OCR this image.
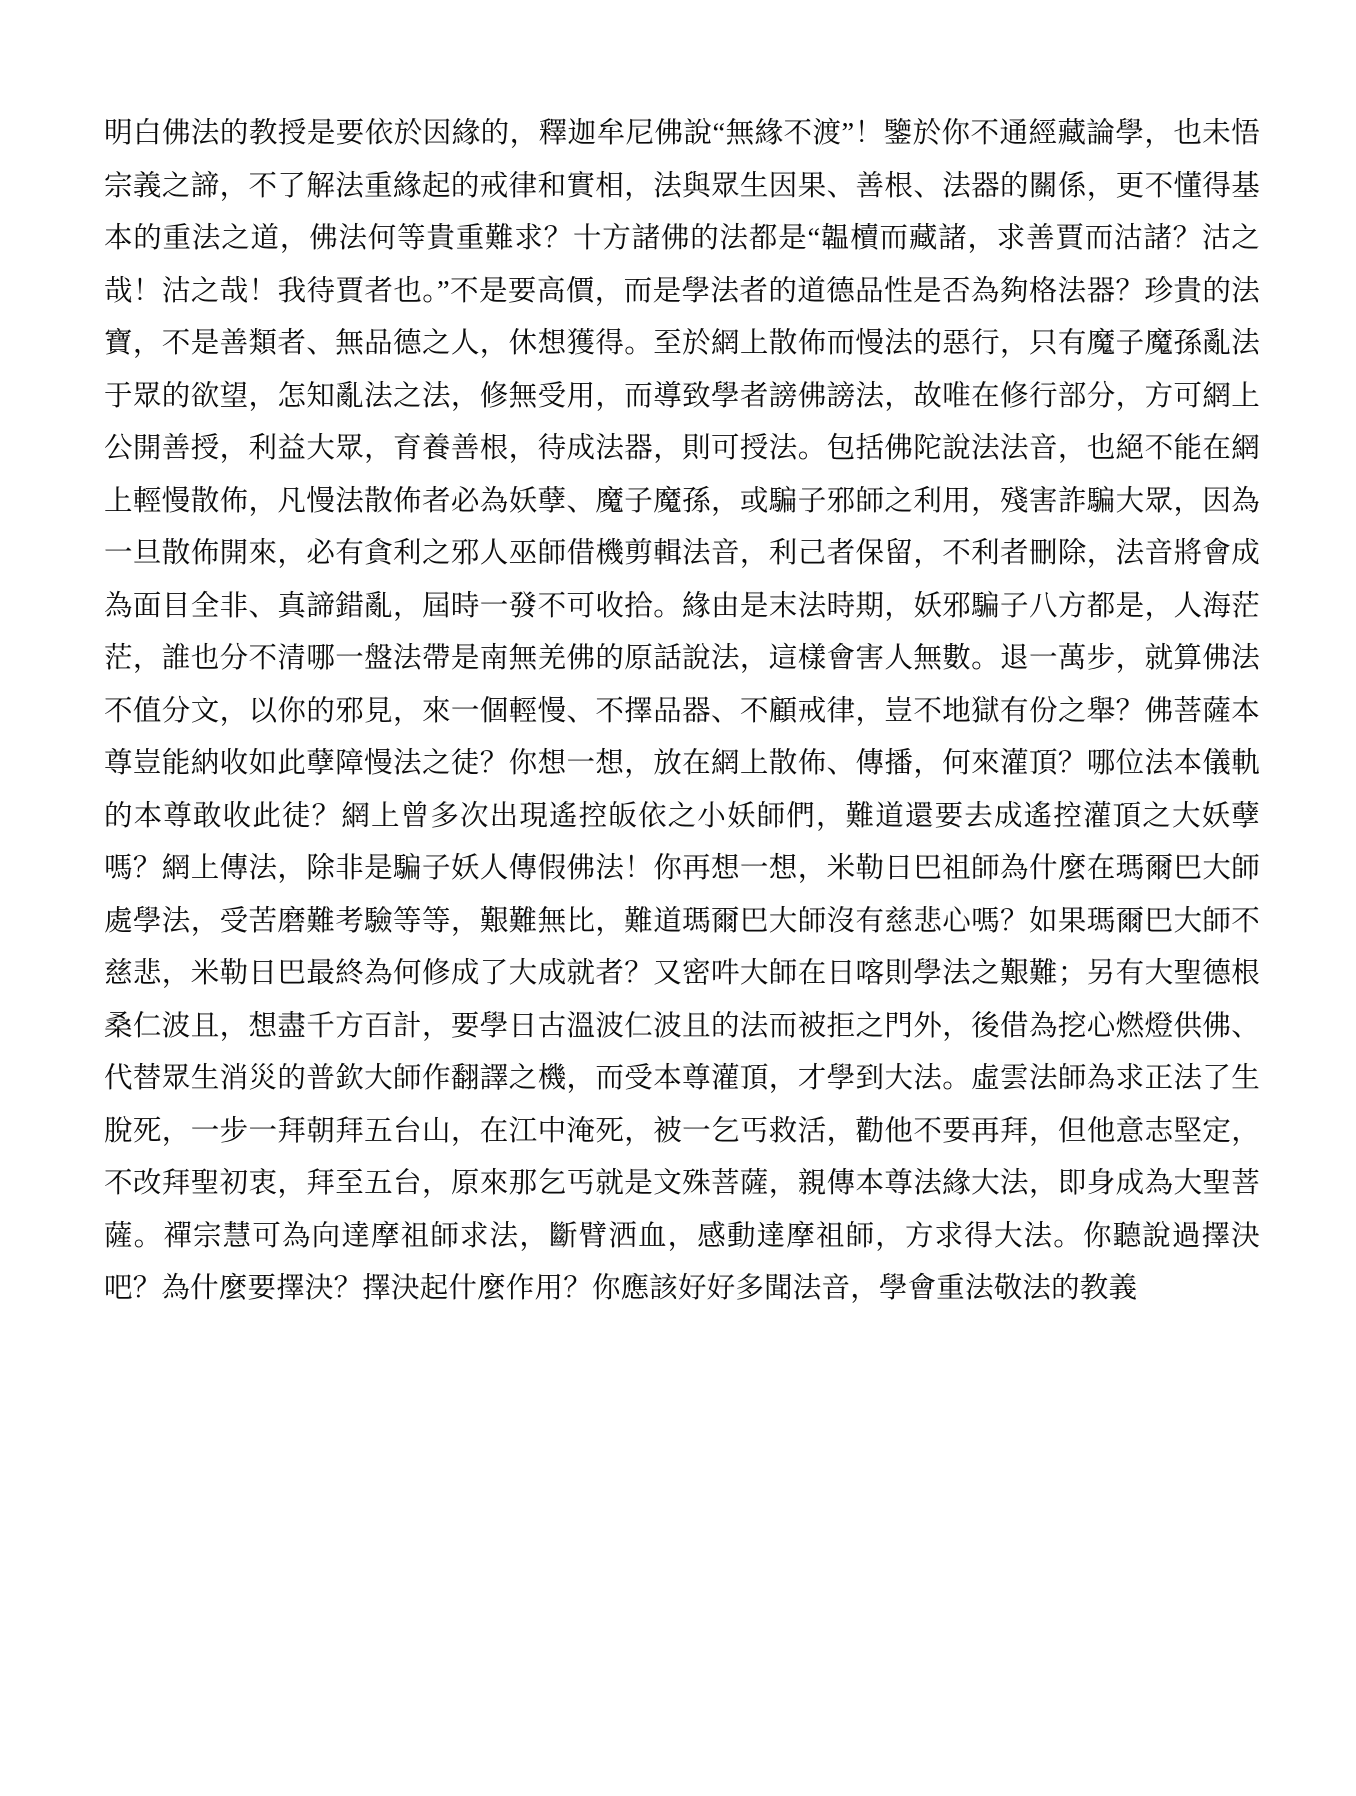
明白佛法的教授是要依於因緣的，釋迦牟尼佛說“無緣不渡”！鑒於你不通經藏論學，也未悟宗義之諦，不了解法重緣起的戒律和實相，法與眾生因果、善根、法器的關係，更不懂得基本的重法之道，佛法何等貴重難求？十方諸佛的法都是“韞櫝而藏諸，求善賈而沽諸？沽之哉！沽之哉！我待賈者也。”不是要高價，而是學法者的道德品性是否為夠格法器？珍貴的法寶，不是善類者、無品德之人，休想獲得。至於網上散佈而慢法的惡行，只有魔子魔孫亂法于眾的欲望，怎知亂法之法，修無受用，而導致學者謗佛謗法，故唯在修行部分，方可網上公開善授，利益大眾，育養善根，待成法器，則可授法。包括佛陀說法法音，也絕不能在網上輕慢散佈，凡慢法散佈者必為妖孽、魔子魔孫，或騙子邪師之利用，殘害詐騙大眾，因為一旦散佈開來，必有貪利之邪人巫師借機剪輯法音，利己者保留，不利者刪除，法音將會成為面目全非、真諦錯亂，屆時一發不可收拾。緣由是末法時期，妖邪騙子八方都是，人海茫茫，誰也分不清哪一盤法帶是南無羌佛的原話說法，這樣會害人無數。退一萬步，就算佛法不值分文，以你的邪見，來一個輕慢、不擇品器、不顧戒律，豈不地獄有份之舉？佛菩薩本尊豈能納收如此孽障慢法之徒？你想一想，放在網上散佈、傳播，何來灌頂？哪位法本儀軌的本尊敢收此徒？網上曾多次出現遙控皈依之小妖師們，難道還要去成遙控灌頂之大妖孽嗎？網上傳法，除非是騙子妖人傳假佛法！你再想一想，米勒日巴祖師為什麼在瑪爾巴大師處學法，受苦磨難考驗等等，艱難無比，難道瑪爾巴大師沒有慈悲心嗎？如果瑪爾巴大師不慈悲，米勒日巴最終為何修成了大成就者？又密吽大師在日喀則學法之艱難；另有大聖德根桑仁波且，想盡千方百計，要學日古溫波仁波且的法而被拒之門外，後借為挖心燃燈供佛、代替眾生消災的普欽大師作翻譯之機，而受本尊灌頂，才學到大法。虛雲法師為求正法了生脫死，一步一拜朝拜五台山，在江中淹死，被一乞丐救活，勸他不要再拜，但他意志堅定，不改拜聖初衷，拜至五台，原來那乞丐就是文殊菩薩，親傳本尊法緣大法，即身成為大聖菩薩。禪宗慧可為向達摩祖師求法，斷臂洒血，感動達摩祖師，方求得大法。你聽說過擇決吧？為什麼要擇決？擇決起什麼作用？你應該好好多聞法音，學會重法敬法的教義
